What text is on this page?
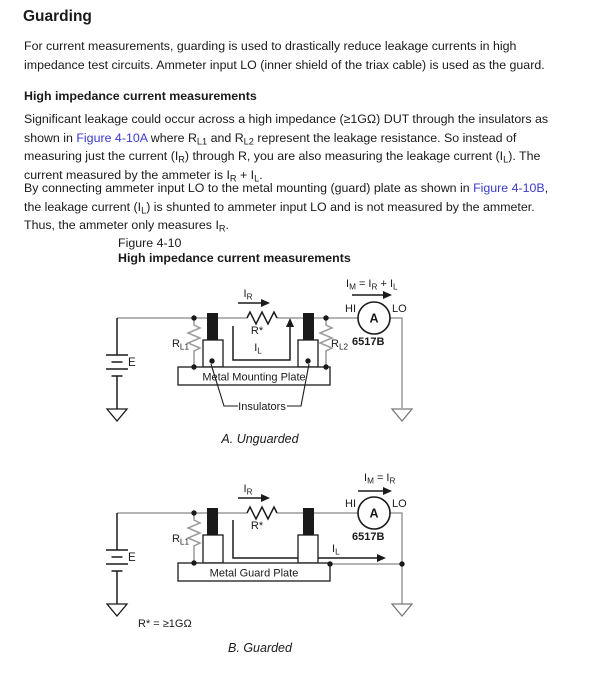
Guarding
For current measurements, guarding is used to drastically reduce leakage currents in high
impedance test circuits. Ammeter input LO (inner shield of the triax cable) is used as the guard.
High impedance current measurements
Significant leakage could occur across a high impedance (≥1GΩ) DUT through the insulators as
shown in Figure 4-10A where $R_{L1}$ and $R_{L2}$ represent the leakage resistance. So instead of
measuring just the current $(I_R)$ through R, you are also measuring the leakage current $(I_L)$. The
current measured by the ammeter is $I_R + I_L$.
By connecting ammeter input LO to the metal mounting (guard) plate as shown in Figure 4-10B,
the leakage current $(I_L)$ is shunted to ammeter input LO and is not measured by the ammeter.
Thus, the ammeter only measures $I_R$.
Figure 4-10
High impedance current measurements
$I_R$
R*
$I_L$
$R_{L1}$	$R_{L2}$
$I_M = I_R + I_L$
HI	LO
A
6517B
E
Metal Mounting Plate
Insulators
A. Unguarded
$I_R$
R*
$R_{L1}$
$I_L$
$I_M = I_R$
HI	LO
A
6517B
E
Metal Guard Plate
R* = ≥1GΩ
B. Guarded
